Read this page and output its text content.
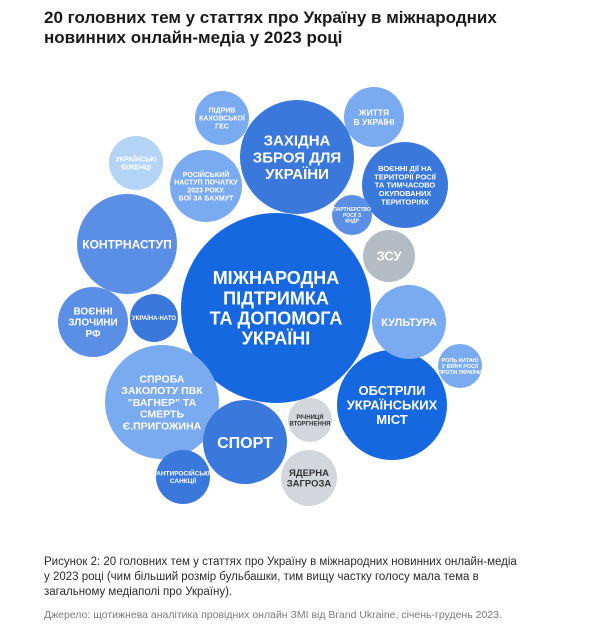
20 головних тем у статтях про Україну в міжнародних новинних онлайн-медіа у 2023 році
МІЖНАРОДНА ПІДТРИМКА ТА ДОПОМОГА УКРАЇНІ
ЗАХІДНА ЗБРОЯ ДЛЯ УКРАЇНИ
КОНТРНАСТУП
ОБСТРІЛИ УКРАЇНСЬКИХ МІСТ
СПРОБА ЗАКОЛОТУ ПВК "ВАГНЕР" ТА СМЕРТЬ Є.ПРИГОЖИНА
ВОЄННІ ДІЇ НА ТЕРИТОРІЇ РОСІЇ ТА ТИМЧАСОВО ОКУПОВАНИХ ТЕРИТОРІЯХ
СПОРТ
КУЛЬТУРА
ВОЄННІ ЗЛОЧИНИ РФ
РОСІЙСЬКИЙ НАСТУП ПОЧАТКУ 2023 РОКУ. БОЇ ЗА БАХМУТ
ЖИТТЯ В УКРАЇНІ
ПІДРИВ КАХОВСЬКОЇ ГЕС
ЗСУ
ЯДЕРНА ЗАГРОЗА
УКРАЇНСЬКІ БІЖЕНЦІ
АНТИРОСІЙСЬКІ САНКЦІЇ
УКРАЇНА-НАТО
РОЛЬ КИТАЮ У ВІЙНІ РОСІЇ ПРОТИ УКРАЇНИ
РІЧНИЦЯ ВТОРГНЕННЯ
ПАРТНЕРСТВО РОСІЇ З КНДР

Рисунок 2: 20 головних тем у статтях про Україну в міжнародних новинних онлайн-медіа у 2023 році (чим більший розмір бульбашки, тим вищу частку голосу мала тема в загальному медіаполі про Україну).

Джерело: щотижнева аналітика провідних онлайн ЗМІ від Brand Ukraine, січень-грудень 2023.
